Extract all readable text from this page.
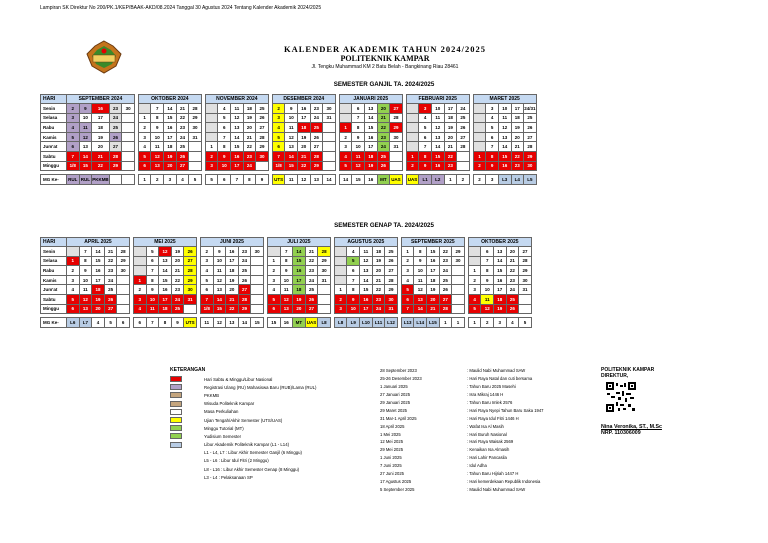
Lampiran SK Direktur No 200/PK.1/KEP/BAAK-AKD/08.2024 Tanggal 30 Agustus 2024 Tentang Kalender Akademik 2024/2025
KALENDER AKADEMIK TAHUN 2024/2025
POLITEKNIK KAMPAR
Jl. Tengku Muhammad KM 2 Batu Belah - Bangkinang Riau 28461
SEMESTER GANJIL TA. 2024/2025
HARI	SEPTEMBER 2024						OKTOBER 2024						NOVEMBER 2024						DESEMBER 2024						JANUARI 2025						FEBRUARI 2025						MARET 2025				
Senin	2	9	16	23	30			7	14	21	28			4	11	18	25		2	9	16	23	30			6	13	20	27			3	10	17	24			3	10	17	24/31
Selasa	3	10	17	24			1	8	15	22	29			5	12	19	26		3	10	17	24	31			7	14	21	28			4	11	18	25			4	11	18	25
Rabu	4	11	18	25			2	9	16	23	30			6	13	20	27		4	11	18	25			1	8	15	22	29			5	12	19	26			5	12	19	26
Kamis	5	12	19	26			3	10	17	24	31			7	14	21	28		5	12	19	26			2	9	16	23	30			6	13	20	27			6	13	20	27
Jum'at	6	13	20	27			4	11	18	25			1	8	15	22	29		6	13	20	27			3	10	17	24	31			7	14	21	28			7	14	21	28
Sabtu	7	14	21	28			5	12	19	26			2	9	16	23	30		7	14	21	28			4	11	18	25			1	8	15	22			1	8	15	22	29
Minggu	1/8	15	22	29			6	13	20	27			3	10	17	24			1/8	15	22	29			5	12	19	26			2	9	16	23			2	9	16	23	30

MG Ke-	RUL	RUL	PKKMB				1	2	3	4	5		5	6	7	8	9		UTS	11	12	13	14		14	15	16	MT	UAS		UAS	L1	L2	1	2		2	3	L3	L4	L5
SEMESTER GENAP TA. 2024/2025
HARI	APRIL 2025						MEI 2025						JUNI 2025						JULI 2025						AGUSTUS 2025						SEPTEMBER 2025						OKTOBER 2025				
Senin		7	14	21	28			5	12	19	26		2	9	16	23	30			7	14	21	28			4	11	18	25		1	8	15	22	29			6	13	20	27
Selasa	1	8	15	22	29			6	13	20	27		3	10	17	24			1	8	15	22	29			5	12	19	26		2	9	16	23	30			7	14	21	28
Rabu	2	9	16	23	30			7	14	21	28		4	11	18	25			2	9	16	23	30			6	13	20	27		3	10	17	24			1	8	15	22	29
Kamis	3	10	17	24			1	8	15	22	29		5	12	19	26			3	10	17	24	31			7	14	21	28		4	11	18	25			2	9	16	23	30
Jum'at	4	11	18	25			2	9	16	23	30		6	13	20	27			4	11	18	25			1	8	15	22	29		5	12	19	26			3	10	17	24	31
Sabtu	5	12	19	26			3	10	17	24	31		7	14	21	28			5	12	19	26			2	9	16	23	30		6	13	20	27			4	11	18	25	
Minggu	6	13	20	27			4	11	18	25			1/8	15	22	29			6	13	20	27			3	10	17	24	31		7	14	21	28			5	12	19	26	

MG Ke-	L6	L7	4	5	6		6	7	8	9	UTS		11	12	13	14	15		15	16	MT	UAS	L8		L8	L9	L10	L11	L12		L13	L14	L15	1	1		1	2	3	4	5
KETERANGAN
Hari Sabtu & Minggu/Libur Nasional
Registrasi Ulang (RU) Mahasiswa Baru (RUB)/Lama (RUL)
PKKMB
Wisuda Politeknik Kampar
Masa Perkuliahan
Ujian Tengah/Akhir Semester (UTS/UAS)
Minggu Tutorial (MT)
Yudisium Semester
Libur Akademik Politeknik Kampar (L1 - L14)
L1 - L4, L7 : Libur Akhir Semester Ganjil (6 Minggu)
L5 - L6 : Libur Idul Fitri (2 Minggu)
L8 - L16 : Libur Akhir Semester Genap (8 Minggu)
L3 - L4 : Pelaksanaan SP
28 September 2023	: Maulid Nabi Muhammad SAW
25-26 Desember 2023	: Hari Raya Natal dan cuti bersama
1 Januari 2025	: Tahun Baru 2025 Masehi
27 Januari 2025	: Isra Mikraj 1446 H
29 Januari 2025	: Tahun Baru Imlek 2576
29 Maret 2025	: Hari Raya Nyepi Tahun Baru Saka 1947
31 Mar-1 April 2025	: Hari Raya Idul Fitri 1446 H
18 April 2025	: Wafat Isa Al Masih
1 Mei 2025	: Hari Buruh Nasional
12 Mei 2025	: Hari Raya Waisak 2569
29 Mei 2025	: Kenaikan Isa Almasih
1 Juni 2025	: Hari Lahir Pancasila
7 Juni 2025	: Idul Adha
27 Juni 2025	: Tahun Baru Hijriah 1447 H
17 Agustus 2025	: Hari kemerdekaan Republik Indonesia
5 September 2025	: Maulid Nabi Muhammad SAW
POLITEKNIK KAMPAR
DIREKTUR,
Nina Veronika, ST., M.Sc
NRP. 110306009
